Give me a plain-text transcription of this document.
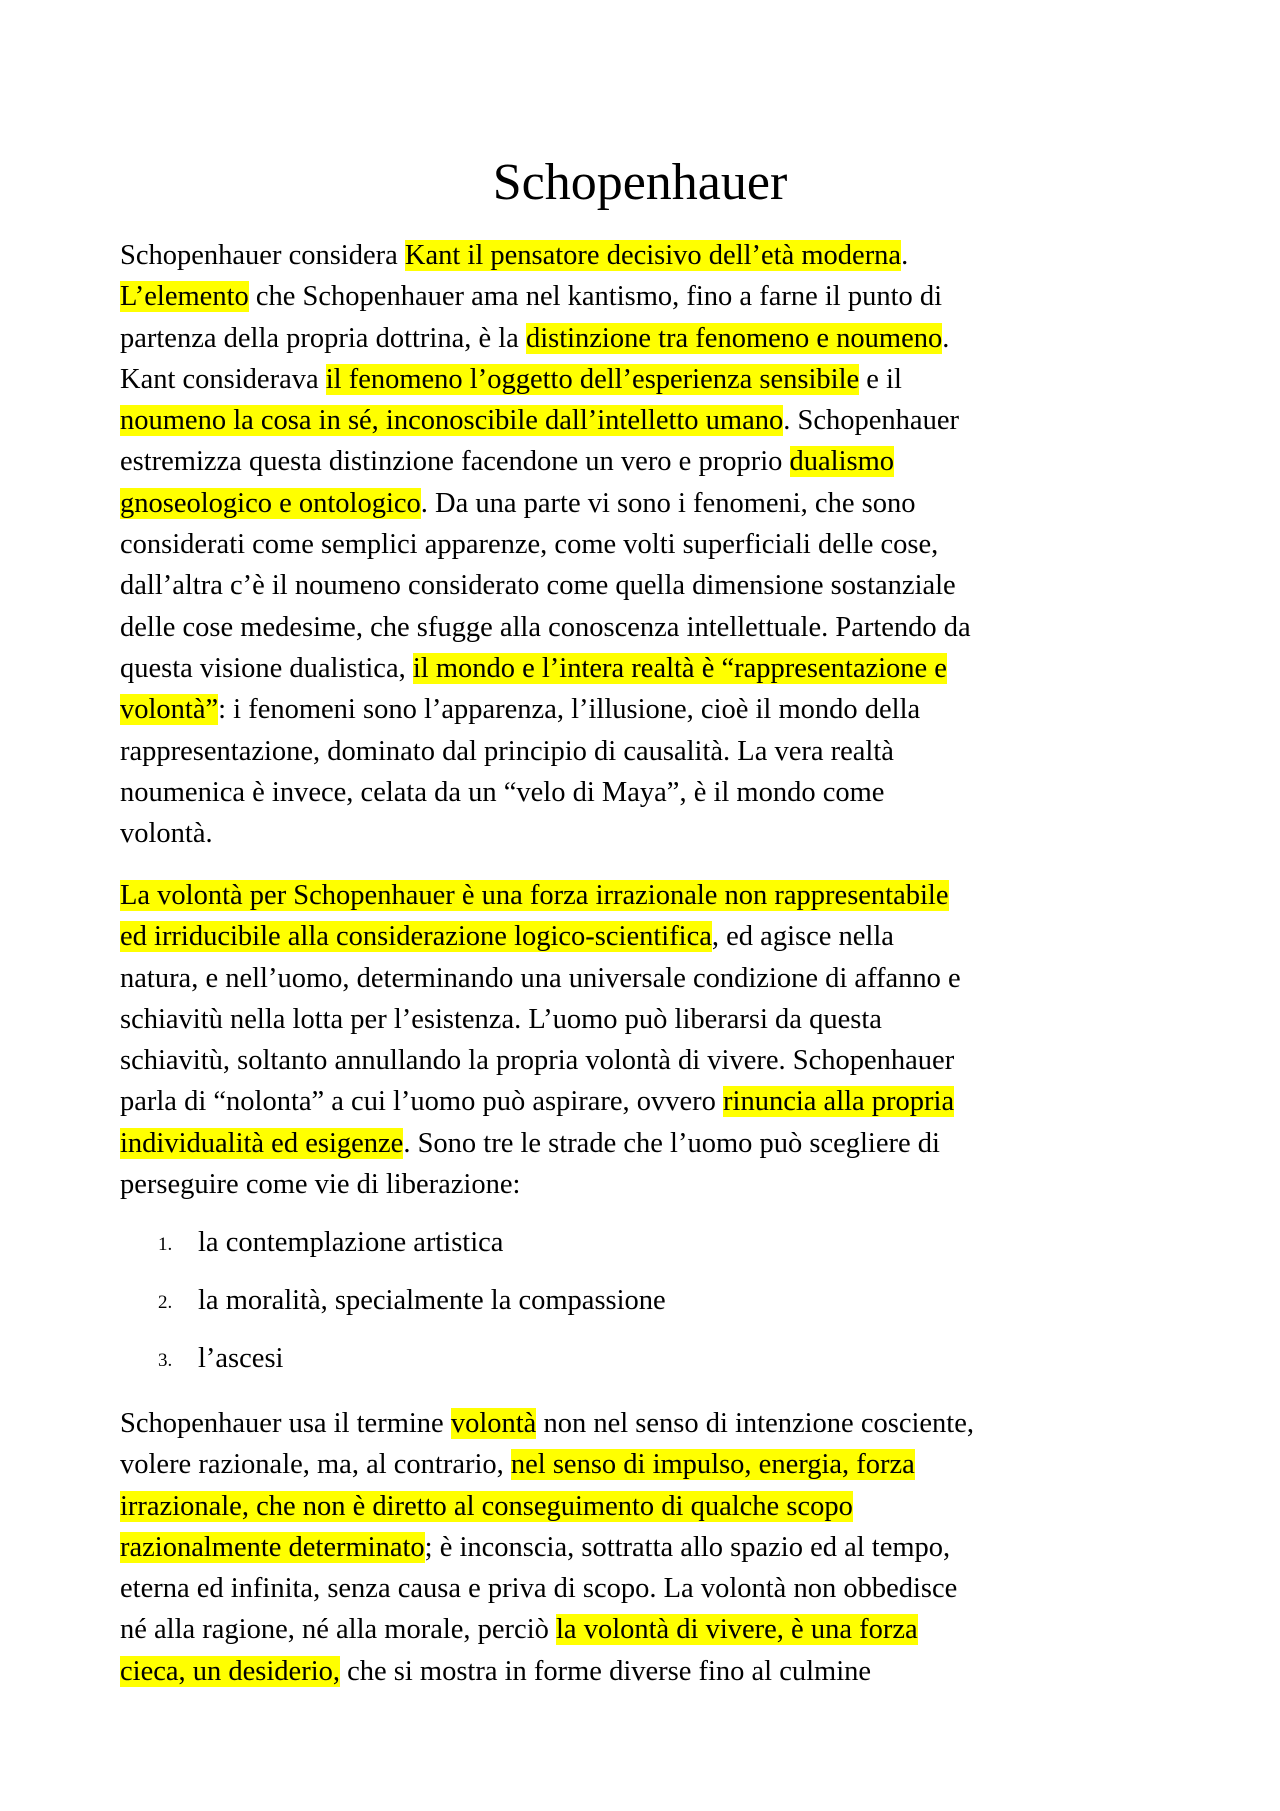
Schopenhauer

Schopenhauer considera Kant il pensatore decisivo dell’età moderna.
L’elemento che Schopenhauer ama nel kantismo, fino a farne il punto di
partenza della propria dottrina, è la distinzione tra fenomeno e noumeno.
Kant considerava il fenomeno l’oggetto dell’esperienza sensibile e il
noumeno la cosa in sé, inconoscibile dall’intelletto umano. Schopenhauer
estremizza questa distinzione facendone un vero e proprio dualismo
gnoseologico e ontologico. Da una parte vi sono i fenomeni, che sono
considerati come semplici apparenze, come volti superficiali delle cose,
dall’altra c’è il noumeno considerato come quella dimensione sostanziale
delle cose medesime, che sfugge alla conoscenza intellettuale. Partendo da
questa visione dualistica, il mondo e l’intera realtà è “rappresentazione e
volontà”: i fenomeni sono l’apparenza, l’illusione, cioè il mondo della
rappresentazione, dominato dal principio di causalità. La vera realtà
noumenica è invece, celata da un “velo di Maya”, è il mondo come
volontà.

La volontà per Schopenhauer è una forza irrazionale non rappresentabile
ed irriducibile alla considerazione logico-scientifica, ed agisce nella
natura, e nell’uomo, determinando una universale condizione di affanno e
schiavitù nella lotta per l’esistenza. L’uomo può liberarsi da questa
schiavitù, soltanto annullando la propria volontà di vivere. Schopenhauer
parla di “nolonta” a cui l’uomo può aspirare, ovvero rinuncia alla propria
individualità ed esigenze. Sono tre le strade che l’uomo può scegliere di
perseguire come vie di liberazione:

1. la contemplazione artistica
2. la moralità, specialmente la compassione
3. l’ascesi

Schopenhauer usa il termine volontà non nel senso di intenzione cosciente,
volere razionale, ma, al contrario, nel senso di impulso, energia, forza
irrazionale, che non è diretto al conseguimento di qualche scopo
razionalmente determinato; è inconscia, sottratta allo spazio ed al tempo,
eterna ed infinita, senza causa e priva di scopo. La volontà non obbedisce
né alla ragione, né alla morale, perciò la volontà di vivere, è una forza
cieca, un desiderio, che si mostra in forme diverse fino al culmine
